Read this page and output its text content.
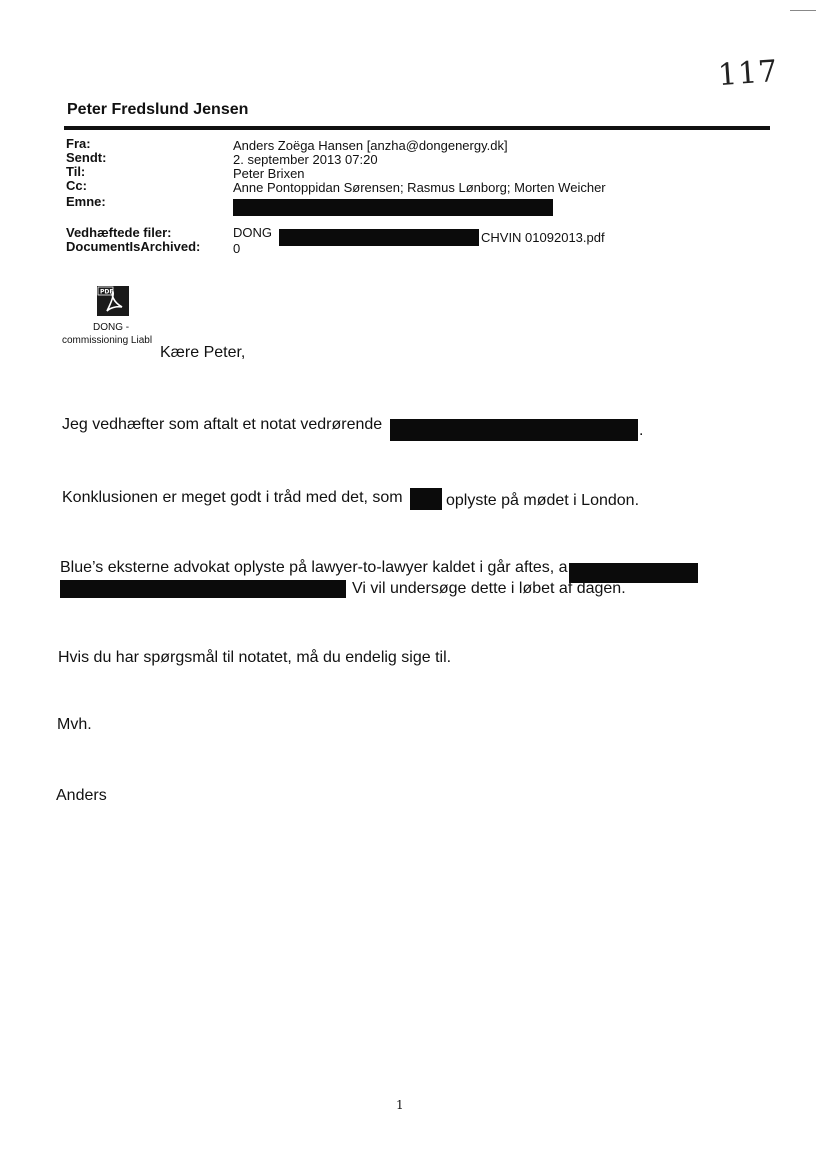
117
Peter Fredslund Jensen
Fra:	Anders Zoëga Hansen [anzha@dongenergy.dk]
Sendt:	2. september 2013 07:20
Til:	Peter Brixen
Cc:	Anne Pontoppidan Sørensen; Rasmus Lønborg; Morten Weicher
Emne:
Vedhæftede filer:	DONG	CHVIN 01092013.pdf
DocumentIsArchived:	0
PDF
DONG -
commissioning Liabl
Kære Peter,
Jeg vedhæfter som aftalt et notat vedrørende	.
Konklusionen er meget godt i tråd med det, som	oplyste på mødet i London.
Blue’s eksterne advokat oplyste på lawyer-to-lawyer kaldet i går aftes, a
Vi vil undersøge dette i løbet af dagen.
Hvis du har spørgsmål til notatet, må du endelig sige til.
Mvh.
Anders
1
